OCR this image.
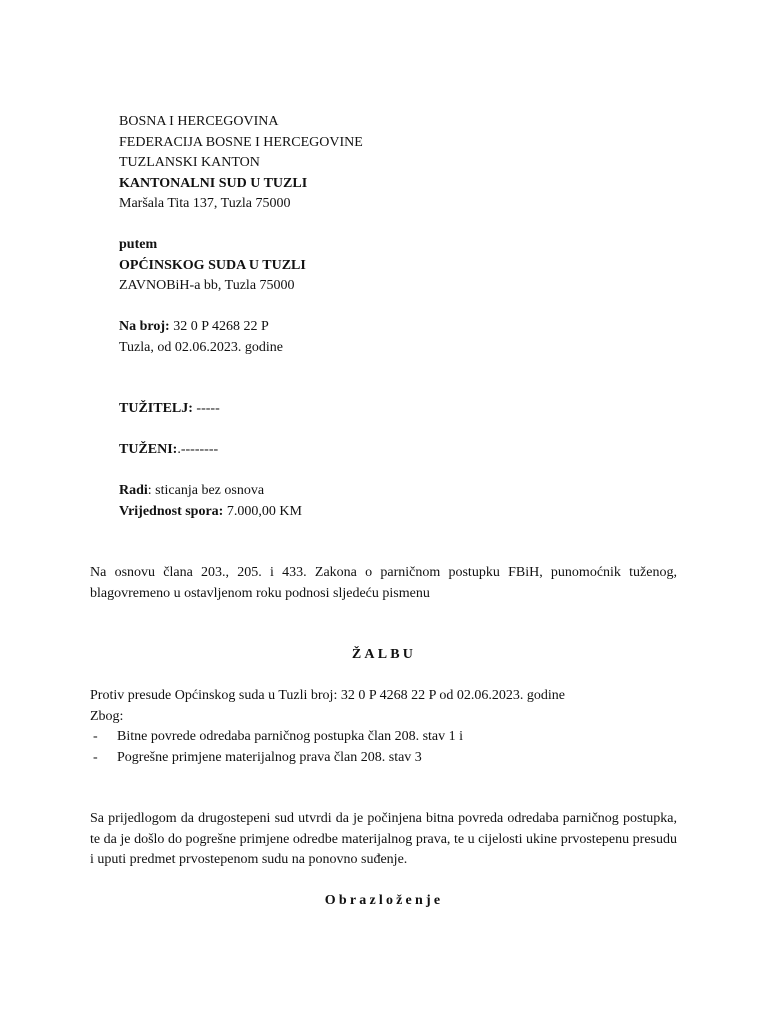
BOSNA I HERCEGOVINA
FEDERACIJA BOSNE I HERCEGOVINE
TUZLANSKI KANTON
KANTONALNI SUD U TUZLI
Maršala Tita 137, Tuzla 75000
putem
OPĆINSKOG SUDA U TUZLI
ZAVNOBiH-a bb, Tuzla 75000
Na broj: 32 0 P 4268 22 P
Tuzla, od 02.06.2023. godine
TUŽITELJ: -----
TUŽENI:.--------
Radi: sticanja bez osnova
Vrijednost spora: 7.000,00 KM
Na osnovu člana 203., 205. i 433. Zakona o parničnom postupku FBiH, punomoćnik tuženog, blagovremeno u ostavljenom roku podnosi sljedeću pismenu
ŽALBU
Protiv presude Općinskog suda u Tuzli broj: 32 0 P 4268 22 P od 02.06.2023. godine
Zbog:
- Bitne povrede odredaba parničnog postupka član 208. stav 1 i
- Pogrešne primjene materijalnog prava član 208. stav 3
Sa prijedlogom da drugostepeni sud utvrdi da je počinjena bitna povreda odredaba parničnog postupka, te da je došlo do pogrešne primjene odredbe materijalnog prava, te u cijelosti ukine prvostepenu presudu i uputi predmet prvostepenom sudu na ponovno suđenje.
Obrazloženje
